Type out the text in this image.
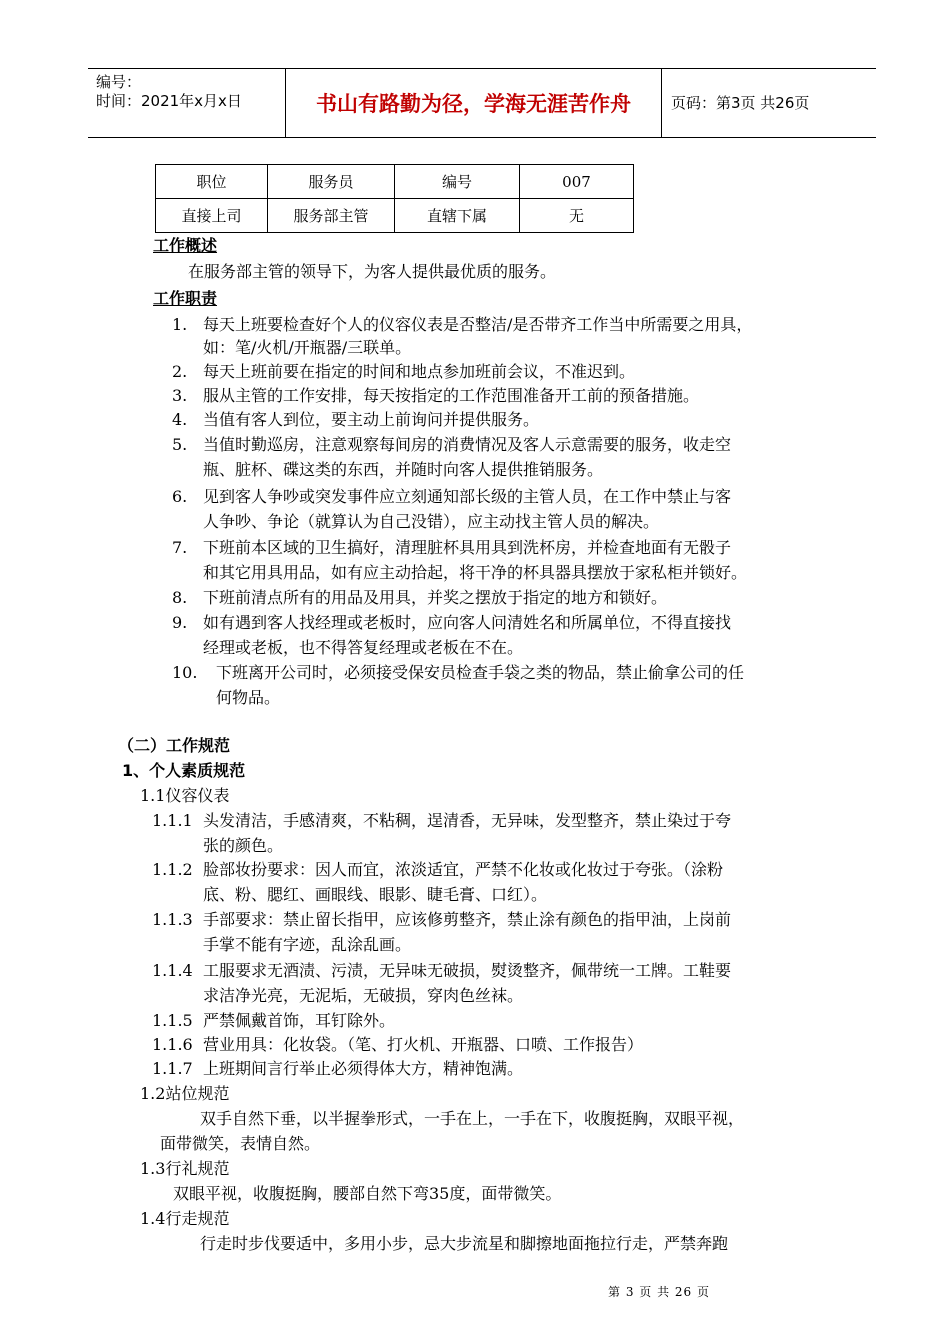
编号：
时间：2021年x月x日	书山有路勤为径，学海无涯苦作舟	页码：第3页 共26页
职位	服务员	编号	007
直接上司	服务部主管	直辖下属	无
工作概述
在服务部主管的领导下，为客人提供最优质的服务。
工作职责
1. 每天上班要检查好个人的仪容仪表是否整洁/是否带齐工作当中所需要之用具，
如：笔/火机/开瓶器/三联单。
2. 每天上班前要在指定的时间和地点参加班前会议，不准迟到。
3. 服从主管的工作安排，每天按指定的工作范围准备开工前的预备措施。
4. 当值有客人到位，要主动上前询问并提供服务。
5. 当值时勤巡房，注意观察每间房的消费情况及客人示意需要的服务，收走空
瓶、脏杯、碟这类的东西，并随时向客人提供推销服务。
6. 见到客人争吵或突发事件应立刻通知部长级的主管人员，在工作中禁止与客
人争吵、争论（就算认为自己没错），应主动找主管人员的解决。
7. 下班前本区域的卫生搞好，清理脏杯具用具到洗杯房，并检查地面有无骰子
和其它用具用品，如有应主动拾起，将干净的杯具器具摆放于家私柜并锁好。
8. 下班前清点所有的用品及用具，并奖之摆放于指定的地方和锁好。
9. 如有遇到客人找经理或老板时，应向客人问清姓名和所属单位，不得直接找
经理或老板，也不得答复经理或老板在不在。
10. 下班离开公司时，必须接受保安员检查手袋之类的物品，禁止偷拿公司的任
何物品。
（二）工作规范
1、个人素质规范
1.1仪容仪表
1.1.1 头发清洁，手感清爽，不粘稠，逞清香，无异味，发型整齐，禁止染过于夸
张的颜色。
1.1.2 脸部妆扮要求：因人而宜，浓淡适宜，严禁不化妆或化妆过于夸张。（涂粉
底、粉、腮红、画眼线、眼影、睫毛膏、口红）。
1.1.3 手部要求：禁止留长指甲，应该修剪整齐，禁止涂有颜色的指甲油，上岗前
手掌不能有字迹，乱涂乱画。
1.1.4 工服要求无酒渍、污渍，无异味无破损，熨烫整齐，佩带统一工牌。工鞋要
求洁净光亮，无泥垢，无破损，穿肉色丝袜。
1.1.5 严禁佩戴首饰，耳钉除外。
1.1.6 营业用具：化妆袋。（笔、打火机、开瓶器、口喷、工作报告）
1.1.7 上班期间言行举止必须得体大方，精神饱满。
1.2站位规范
双手自然下垂，以半握拳形式，一手在上，一手在下，收腹挺胸，双眼平视，
面带微笑，表情自然。
1.3行礼规范
双眼平视，收腹挺胸，腰部自然下弯35度，面带微笑。
1.4行走规范
行走时步伐要适中，多用小步，忌大步流星和脚擦地面拖拉行走，严禁奔跑
第 3 页 共 26 页
